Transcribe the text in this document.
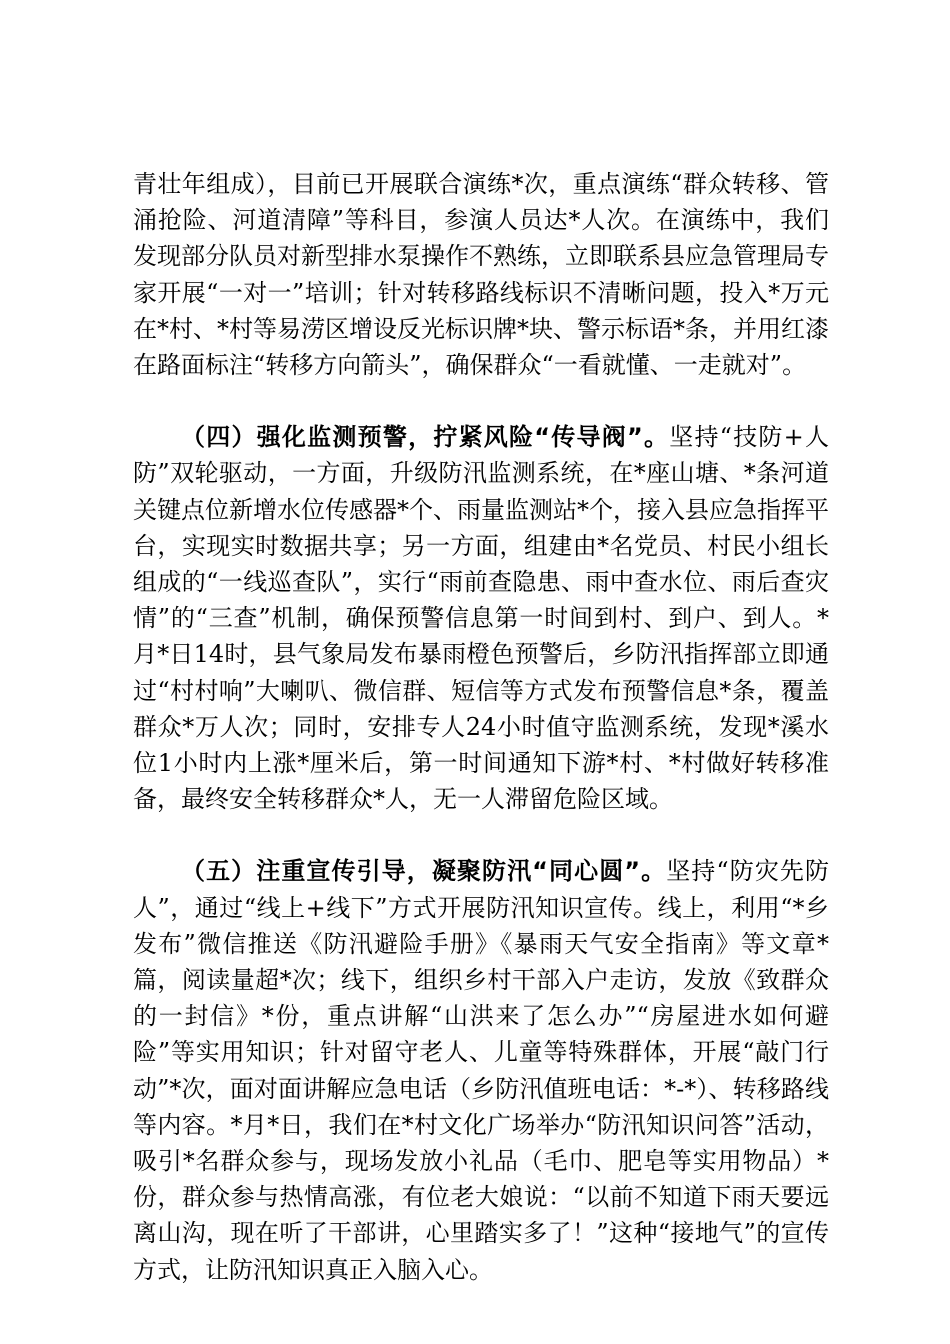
青壮年组成），目前已开展联合演练*次，重点演练“群众转移、管涌抢险、河道清障”等科目，参演人员达*人次。在演练中，我们发现部分队员对新型排水泵操作不熟练，立即联系县应急管理局专家开展“一对一”培训；针对转移路线标识不清晰问题，投入*万元在*村、*村等易涝区增设反光标识牌*块、警示标语*条，并用红漆在路面标注“转移方向箭头”，确保群众“一看就懂、一走就对”。

（四）强化监测预警，拧紧风险“传导阀”。坚持“技防+人防”双轮驱动，一方面，升级防汛监测系统，在*座山塘、*条河道关键点位新增水位传感器*个、雨量监测站*个，接入县应急指挥平台，实现实时数据共享；另一方面，组建由*名党员、村民小组长组成的“一线巡查队”，实行“雨前查隐患、雨中查水位、雨后查灾情”的“三查”机制，确保预警信息第一时间到村、到户、到人。*月*日14时，县气象局发布暴雨橙色预警后，乡防汛指挥部立即通过“村村响”大喇叭、微信群、短信等方式发布预警信息*条，覆盖群众*万人次；同时，安排专人24小时值守监测系统，发现*溪水位1小时内上涨*厘米后，第一时间通知下游*村、*村做好转移准备，最终安全转移群众*人，无一人滞留危险区域。

（五）注重宣传引导，凝聚防汛“同心圆”。坚持“防灾先防人”，通过“线上+线下”方式开展防汛知识宣传。线上，利用“*乡发布”微信推送《防汛避险手册》《暴雨天气安全指南》等文章*篇，阅读量超*次；线下，组织乡村干部入户走访，发放《致群众的一封信》*份，重点讲解“山洪来了怎么办”“房屋进水如何避险”等实用知识；针对留守老人、儿童等特殊群体，开展“敲门行动”*次，面对面讲解应急电话（乡防汛值班电话：*-*）、转移路线等内容。*月*日，我们在*村文化广场举办“防汛知识问答”活动，吸引*名群众参与，现场发放小礼品（毛巾、肥皂等实用物品）*份，群众参与热情高涨，有位老大娘说：“以前不知道下雨天要远离山沟，现在听了干部讲，心里踏实多了！”这种“接地气”的宣传方式，让防汛知识真正入脑入心。
